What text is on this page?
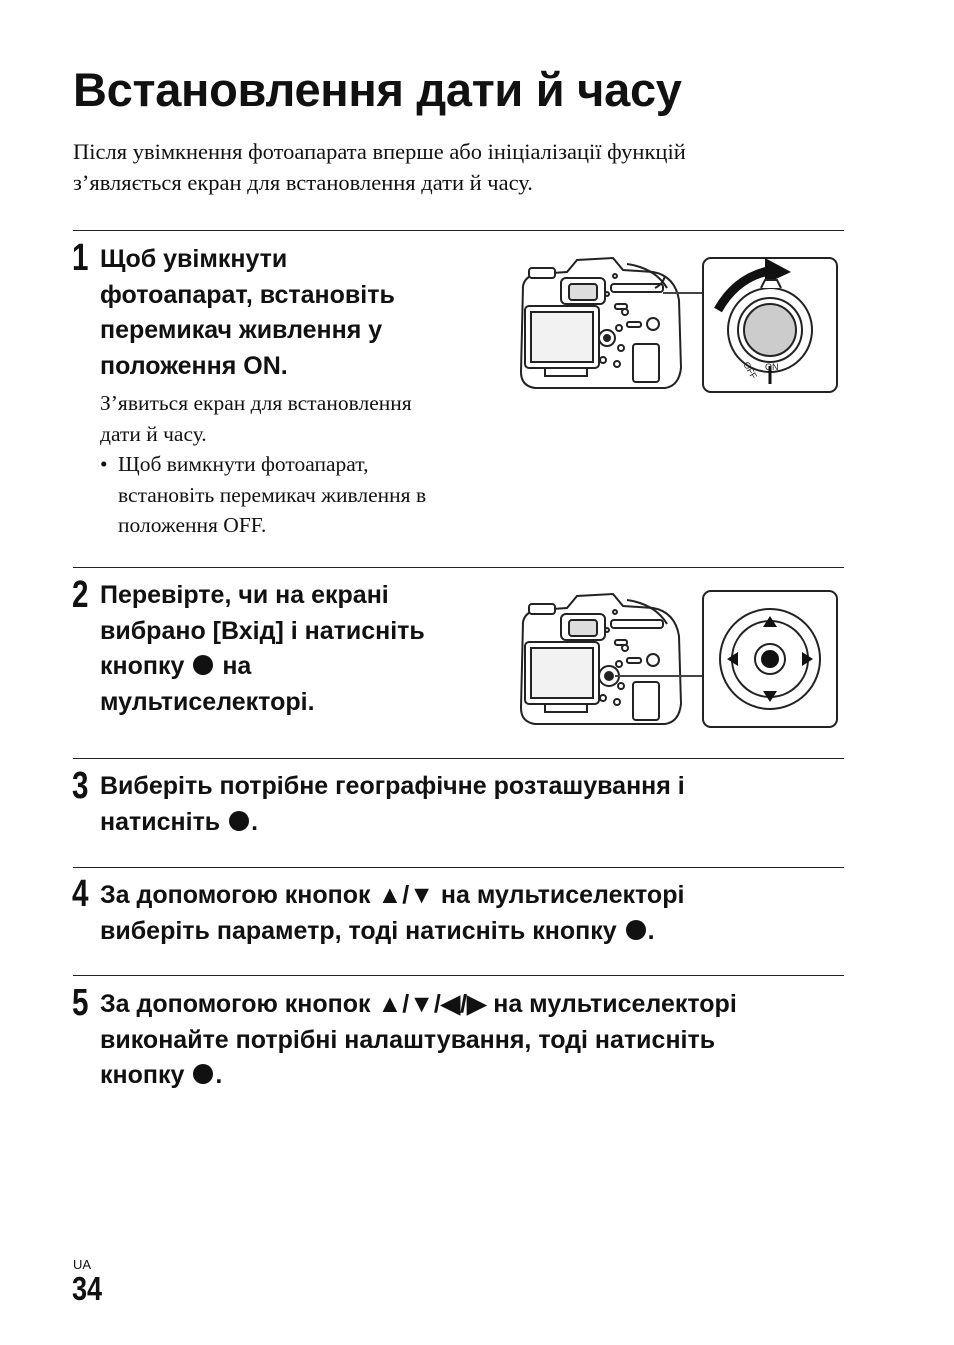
Встановлення дати й часу
Після увімкнення фотоапарата вперше або ініціалізації функцій
з’являється екран для встановлення дати й часу.
1 Щоб увімкнути
фотоапарат, встановіть
перемикач живлення у
положення ON.
З’явиться екран для встановлення
дати й часу.
• Щоб вимкнути фотоапарат,
встановіть перемикач живлення в
положення OFF.
OFF ON
2 Перевірте, чи на екрані
вибрано [Вхід] і натисніть
кнопку на
мультиселекторі.
3 Виберіть потрібне географічне розташування і
натисніть .
4 За допомогою кнопок ▲/▼ на мультиселекторі
виберіть параметр, тоді натисніть кнопку .
5 За допомогою кнопок ▲/▼/◀/▶ на мультиселекторі
виконайте потрібні налаштування, тоді натисніть
кнопку .
UA
34
